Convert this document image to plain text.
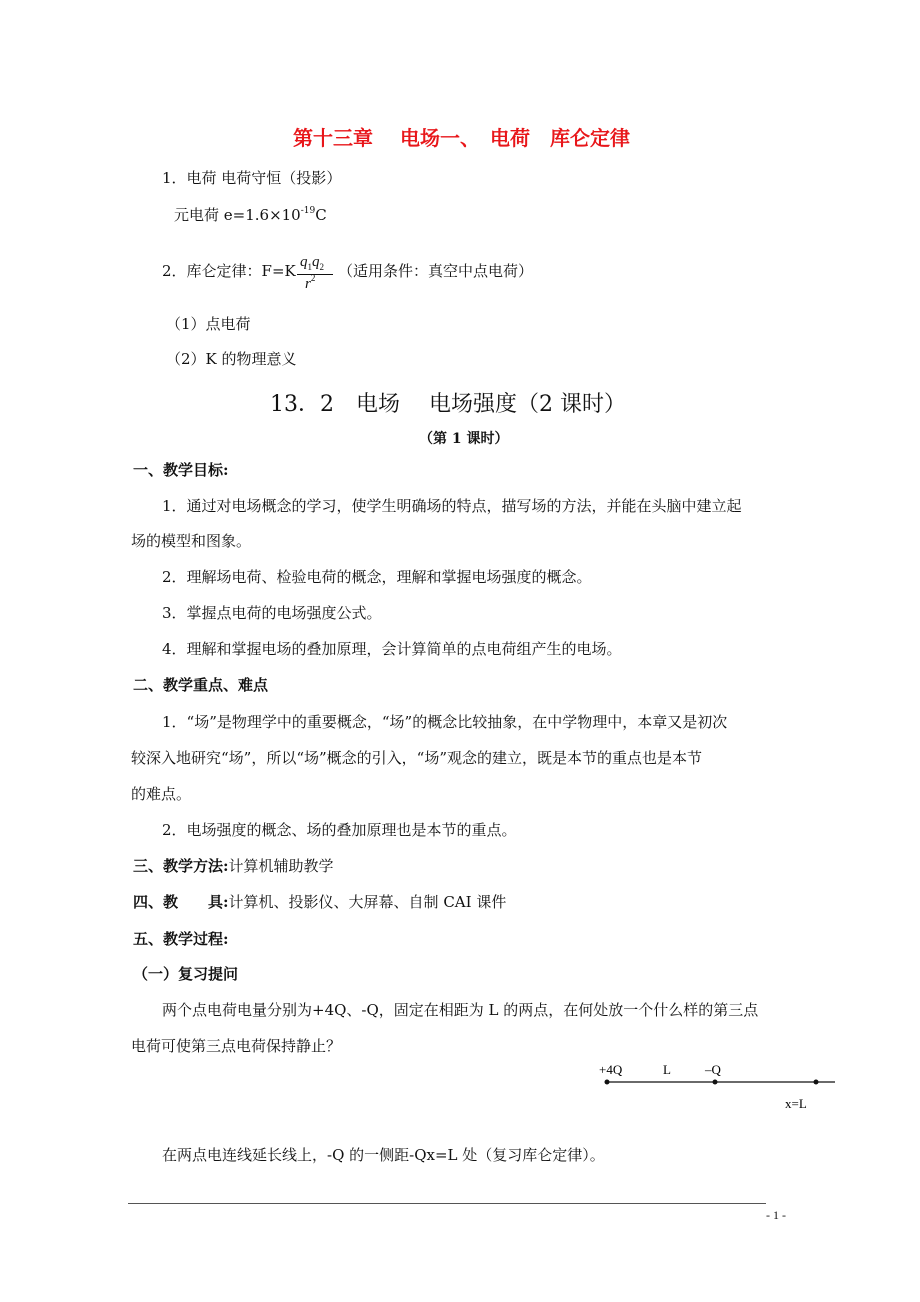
第十三章　 电场一、　电荷　库仑定律
1．电荷 电荷守恒（投影）
元电荷 $e=1.6\times 10^{-19}C$
2．库仑定律：F=K $q_1q_2$
$r^2$ （适用条件：真空中点电荷）
（1）点电荷
（2）K 的物理意义
13．2　电场　 电场强度（2 课时）
（第 1 课时）
一、教学目标:
1．通过对电场概念的学习，使学生明确场的特点，描写场的方法，并能在头脑中建立起
场的模型和图象。
2．理解场电荷、检验电荷的概念，理解和掌握电场强度的概念。
3．掌握点电荷的电场强度公式。
4．理解和掌握电场的叠加原理，会计算简单的点电荷组产生的电场。
二、教学重点、难点
1．“场”是物理学中的重要概念，“场”的概念比较抽象，在中学物理中，本章又是初次
较深入地研究“场”，所以“场”概念的引入，“场”观念的建立，既是本节的重点也是本节
的难点。
2．电场强度的概念、场的叠加原理也是本节的重点。
三、教学方法:计算机辅助教学
四、教　　具:计算机、投影仪、大屏幕、自制 CAI 课件
五、教学过程:
（一）复习提问
两个点电荷电量分别为+4Q、-Q，固定在相距为 L 的两点，在何处放一个什么样的第三点
电荷可使第三点电荷保持静止？
+4Q	L	–Q
x=L
在两点电连线延长线上，-Q 的一侧距-Qx=L 处（复习库仑定律）。
- 1 -
